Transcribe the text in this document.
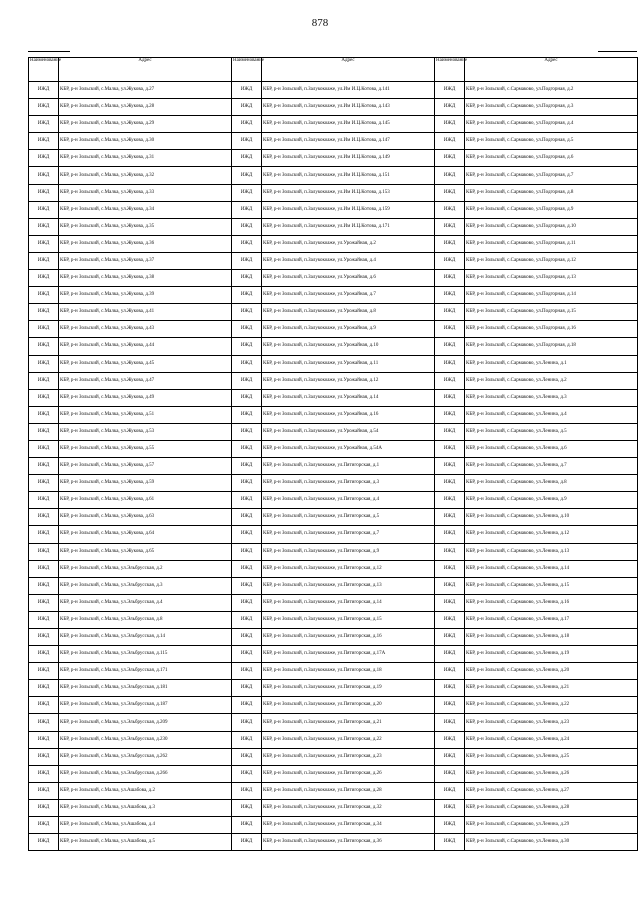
878
Наименование	Адрес	Наименование	Адрес	Наименование	Адрес
ИЖД	КБР, р-н Зольский, с.Малка, ул.Жукова, д.27	ИЖД	КБР, р-н Зольский, п.Залукокоаже, ул.Им И.Ц.Котова, д.141	ИЖД	КБР, р-н Зольский, с.Сармаково, ул.Подгорная, д.2
ИЖД	КБР, р-н Зольский, с.Малка, ул.Жукова, д.28	ИЖД	КБР, р-н Зольский, п.Залукокоаже, ул.Им И.Ц.Котова, д.143	ИЖД	КБР, р-н Зольский, с.Сармаково, ул.Подгорная, д.3
ИЖД	КБР, р-н Зольский, с.Малка, ул.Жукова, д.29	ИЖД	КБР, р-н Зольский, п.Залукокоаже, ул.Им И.Ц.Котова, д.145	ИЖД	КБР, р-н Зольский, с.Сармаково, ул.Подгорная, д.4
ИЖД	КБР, р-н Зольский, с.Малка, ул.Жукова, д.30	ИЖД	КБР, р-н Зольский, п.Залукокоаже, ул.Им И.Ц.Котова, д.147	ИЖД	КБР, р-н Зольский, с.Сармаково, ул.Подгорная, д.5
ИЖД	КБР, р-н Зольский, с.Малка, ул.Жукова, д.31	ИЖД	КБР, р-н Зольский, п.Залукокоаже, ул.Им И.Ц.Котова, д.149	ИЖД	КБР, р-н Зольский, с.Сармаково, ул.Подгорная, д.6
ИЖД	КБР, р-н Зольский, с.Малка, ул.Жукова, д.32	ИЖД	КБР, р-н Зольский, п.Залукокоаже, ул.Им И.Ц.Котова, д.151	ИЖД	КБР, р-н Зольский, с.Сармаково, ул.Подгорная, д.7
ИЖД	КБР, р-н Зольский, с.Малка, ул.Жукова, д.33	ИЖД	КБР, р-н Зольский, п.Залукокоаже, ул.Им И.Ц.Котова, д.153	ИЖД	КБР, р-н Зольский, с.Сармаково, ул.Подгорная, д.8
ИЖД	КБР, р-н Зольский, с.Малка, ул.Жукова, д.34	ИЖД	КБР, р-н Зольский, п.Залукокоаже, ул.Им И.Ц.Котова, д.159	ИЖД	КБР, р-н Зольский, с.Сармаково, ул.Подгорная, д.9
ИЖД	КБР, р-н Зольский, с.Малка, ул.Жукова, д.35	ИЖД	КБР, р-н Зольский, п.Залукокоаже, ул.Им И.Ц.Котова, д.171	ИЖД	КБР, р-н Зольский, с.Сармаково, ул.Подгорная, д.10
ИЖД	КБР, р-н Зольский, с.Малка, ул.Жукова, д.36	ИЖД	КБР, р-н Зольский, п.Залукокоаже, ул.Урожайная, д.2	ИЖД	КБР, р-н Зольский, с.Сармаково, ул.Подгорная, д.11
ИЖД	КБР, р-н Зольский, с.Малка, ул.Жукова, д.37	ИЖД	КБР, р-н Зольский, п.Залукокоаже, ул.Урожайная, д.4	ИЖД	КБР, р-н Зольский, с.Сармаково, ул.Подгорная, д.12
ИЖД	КБР, р-н Зольский, с.Малка, ул.Жукова, д.38	ИЖД	КБР, р-н Зольский, п.Залукокоаже, ул.Урожайная, д.6	ИЖД	КБР, р-н Зольский, с.Сармаково, ул.Подгорная, д.13
ИЖД	КБР, р-н Зольский, с.Малка, ул.Жукова, д.39	ИЖД	КБР, р-н Зольский, п.Залукокоаже, ул.Урожайная, д.7	ИЖД	КБР, р-н Зольский, с.Сармаково, ул.Подгорная, д.14
ИЖД	КБР, р-н Зольский, с.Малка, ул.Жукова, д.41	ИЖД	КБР, р-н Зольский, п.Залукокоаже, ул.Урожайная, д.8	ИЖД	КБР, р-н Зольский, с.Сармаково, ул.Подгорная, д.15
ИЖД	КБР, р-н Зольский, с.Малка, ул.Жукова, д.43	ИЖД	КБР, р-н Зольский, п.Залукокоаже, ул.Урожайная, д.9	ИЖД	КБР, р-н Зольский, с.Сармаково, ул.Подгорная, д.16
ИЖД	КБР, р-н Зольский, с.Малка, ул.Жукова, д.44	ИЖД	КБР, р-н Зольский, п.Залукокоаже, ул.Урожайная, д.10	ИЖД	КБР, р-н Зольский, с.Сармаково, ул.Подгорная, д.18
ИЖД	КБР, р-н Зольский, с.Малка, ул.Жукова, д.45	ИЖД	КБР, р-н Зольский, п.Залукокоаже, ул.Урожайная, д.11	ИЖД	КБР, р-н Зольский, с.Сармаково, ул.Ленина, д.1
ИЖД	КБР, р-н Зольский, с.Малка, ул.Жукова, д.47	ИЖД	КБР, р-н Зольский, п.Залукокоаже, ул.Урожайная, д.12	ИЖД	КБР, р-н Зольский, с.Сармаково, ул.Ленина, д.2
ИЖД	КБР, р-н Зольский, с.Малка, ул.Жукова, д.49	ИЖД	КБР, р-н Зольский, п.Залукокоаже, ул.Урожайная, д.14	ИЖД	КБР, р-н Зольский, с.Сармаково, ул.Ленина, д.3
ИЖД	КБР, р-н Зольский, с.Малка, ул.Жукова, д.51	ИЖД	КБР, р-н Зольский, п.Залукокоаже, ул.Урожайная, д.16	ИЖД	КБР, р-н Зольский, с.Сармаково, ул.Ленина, д.4
ИЖД	КБР, р-н Зольский, с.Малка, ул.Жукова, д.53	ИЖД	КБР, р-н Зольский, п.Залукокоаже, ул.Урожайная, д.54	ИЖД	КБР, р-н Зольский, с.Сармаково, ул.Ленина, д.5
ИЖД	КБР, р-н Зольский, с.Малка, ул.Жукова, д.55	ИЖД	КБР, р-н Зольский, п.Залукокоаже, ул.Урожайная, д.54А	ИЖД	КБР, р-н Зольский, с.Сармаково, ул.Ленина, д.6
ИЖД	КБР, р-н Зольский, с.Малка, ул.Жукова, д.57	ИЖД	КБР, р-н Зольский, п.Залукокоаже, ул.Пятигорская, д.1	ИЖД	КБР, р-н Зольский, с.Сармаково, ул.Ленина, д.7
ИЖД	КБР, р-н Зольский, с.Малка, ул.Жукова, д.59	ИЖД	КБР, р-н Зольский, п.Залукокоаже, ул.Пятигорская, д.3	ИЖД	КБР, р-н Зольский, с.Сармаково, ул.Ленина, д.8
ИЖД	КБР, р-н Зольский, с.Малка, ул.Жукова, д.61	ИЖД	КБР, р-н Зольский, п.Залукокоаже, ул.Пятигорская, д.4	ИЖД	КБР, р-н Зольский, с.Сармаково, ул.Ленина, д.9
ИЖД	КБР, р-н Зольский, с.Малка, ул.Жукова, д.63	ИЖД	КБР, р-н Зольский, п.Залукокоаже, ул.Пятигорская, д.5	ИЖД	КБР, р-н Зольский, с.Сармаково, ул.Ленина, д.10
ИЖД	КБР, р-н Зольский, с.Малка, ул.Жукова, д.64	ИЖД	КБР, р-н Зольский, п.Залукокоаже, ул.Пятигорская, д.7	ИЖД	КБР, р-н Зольский, с.Сармаково, ул.Ленина, д.12
ИЖД	КБР, р-н Зольский, с.Малка, ул.Жукова, д.65	ИЖД	КБР, р-н Зольский, п.Залукокоаже, ул.Пятигорская, д.9	ИЖД	КБР, р-н Зольский, с.Сармаково, ул.Ленина, д.13
ИЖД	КБР, р-н Зольский, с.Малка, ул.Эльбрусская, д.2	ИЖД	КБР, р-н Зольский, п.Залукокоаже, ул.Пятигорская, д.12	ИЖД	КБР, р-н Зольский, с.Сармаково, ул.Ленина, д.14
ИЖД	КБР, р-н Зольский, с.Малка, ул.Эльбрусская, д.3	ИЖД	КБР, р-н Зольский, п.Залукокоаже, ул.Пятигорская, д.13	ИЖД	КБР, р-н Зольский, с.Сармаково, ул.Ленина, д.15
ИЖД	КБР, р-н Зольский, с.Малка, ул.Эльбрусская, д.4	ИЖД	КБР, р-н Зольский, п.Залукокоаже, ул.Пятигорская, д.14	ИЖД	КБР, р-н Зольский, с.Сармаково, ул.Ленина, д.16
ИЖД	КБР, р-н Зольский, с.Малка, ул.Эльбрусская, д.8	ИЖД	КБР, р-н Зольский, п.Залукокоаже, ул.Пятигорская, д.15	ИЖД	КБР, р-н Зольский, с.Сармаково, ул.Ленина, д.17
ИЖД	КБР, р-н Зольский, с.Малка, ул.Эльбрусская, д.14	ИЖД	КБР, р-н Зольский, п.Залукокоаже, ул.Пятигорская, д.16	ИЖД	КБР, р-н Зольский, с.Сармаково, ул.Ленина, д.18
ИЖД	КБР, р-н Зольский, с.Малка, ул.Эльбрусская, д.115	ИЖД	КБР, р-н Зольский, п.Залукокоаже, ул.Пятигорская, д.17А	ИЖД	КБР, р-н Зольский, с.Сармаково, ул.Ленина, д.19
ИЖД	КБР, р-н Зольский, с.Малка, ул.Эльбрусская, д.171	ИЖД	КБР, р-н Зольский, п.Залукокоаже, ул.Пятигорская, д.18	ИЖД	КБР, р-н Зольский, с.Сармаково, ул.Ленина, д.20
ИЖД	КБР, р-н Зольский, с.Малка, ул.Эльбрусская, д.181	ИЖД	КБР, р-н Зольский, п.Залукокоаже, ул.Пятигорская, д.19	ИЖД	КБР, р-н Зольский, с.Сармаково, ул.Ленина, д.21
ИЖД	КБР, р-н Зольский, с.Малка, ул.Эльбрусская, д.187	ИЖД	КБР, р-н Зольский, п.Залукокоаже, ул.Пятигорская, д.20	ИЖД	КБР, р-н Зольский, с.Сармаково, ул.Ленина, д.22
ИЖД	КБР, р-н Зольский, с.Малка, ул.Эльбрусская, д.209	ИЖД	КБР, р-н Зольский, п.Залукокоаже, ул.Пятигорская, д.21	ИЖД	КБР, р-н Зольский, с.Сармаково, ул.Ленина, д.23
ИЖД	КБР, р-н Зольский, с.Малка, ул.Эльбрусская, д.230	ИЖД	КБР, р-н Зольский, п.Залукокоаже, ул.Пятигорская, д.22	ИЖД	КБР, р-н Зольский, с.Сармаково, ул.Ленина, д.24
ИЖД	КБР, р-н Зольский, с.Малка, ул.Эльбрусская, д.262	ИЖД	КБР, р-н Зольский, п.Залукокоаже, ул.Пятигорская, д.23	ИЖД	КБР, р-н Зольский, с.Сармаково, ул.Ленина, д.25
ИЖД	КБР, р-н Зольский, с.Малка, ул.Эльбрусская, д.266	ИЖД	КБР, р-н Зольский, п.Залукокоаже, ул.Пятигорская, д.26	ИЖД	КБР, р-н Зольский, с.Сармаково, ул.Ленина, д.26
ИЖД	КБР, р-н Зольский, с.Малка, ул.Ашабова, д.2	ИЖД	КБР, р-н Зольский, п.Залукокоаже, ул.Пятигорская, д.28	ИЖД	КБР, р-н Зольский, с.Сармаково, ул.Ленина, д.27
ИЖД	КБР, р-н Зольский, с.Малка, ул.Ашабова, д.3	ИЖД	КБР, р-н Зольский, п.Залукокоаже, ул.Пятигорская, д.32	ИЖД	КБР, р-н Зольский, с.Сармаково, ул.Ленина, д.28
ИЖД	КБР, р-н Зольский, с.Малка, ул.Ашабова, д.4	ИЖД	КБР, р-н Зольский, п.Залукокоаже, ул.Пятигорская, д.34	ИЖД	КБР, р-н Зольский, с.Сармаково, ул.Ленина, д.29
ИЖД	КБР, р-н Зольский, с.Малка, ул.Ашабова, д.5	ИЖД	КБР, р-н Зольский, п.Залукокоаже, ул.Пятигорская, д.36	ИЖД	КБР, р-н Зольский, с.Сармаково, ул.Ленина, д.30
